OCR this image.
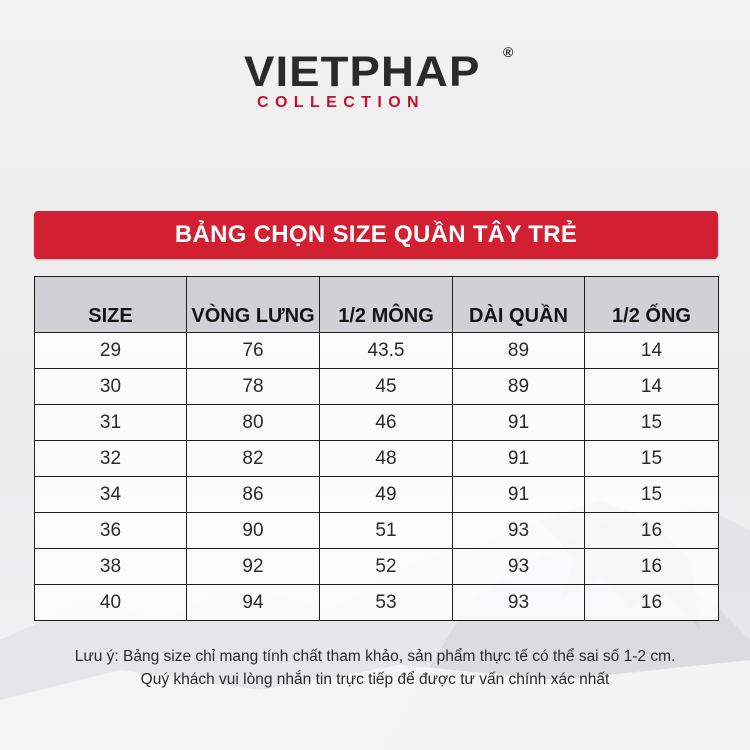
VIETPHAP ®
COLLECTION
BẢNG CHỌN SIZE QUẦN TÂY TRẺ
SIZE	VÒNG LƯNG	1/2 MÔNG	DÀI QUẦN	1/2 ỐNG
29	76	43.5	89	14
30	78	45	89	14
31	80	46	91	15
32	82	48	91	15
34	86	49	91	15
36	90	51	93	16
38	92	52	93	16
40	94	53	93	16
Lưu ý: Bảng size chỉ mang tính chất tham khảo, sản phẩm thực tế có thể sai số 1-2 cm.
Quý khách vui lòng nhắn tin trực tiếp để được tư vấn chính xác nhất
